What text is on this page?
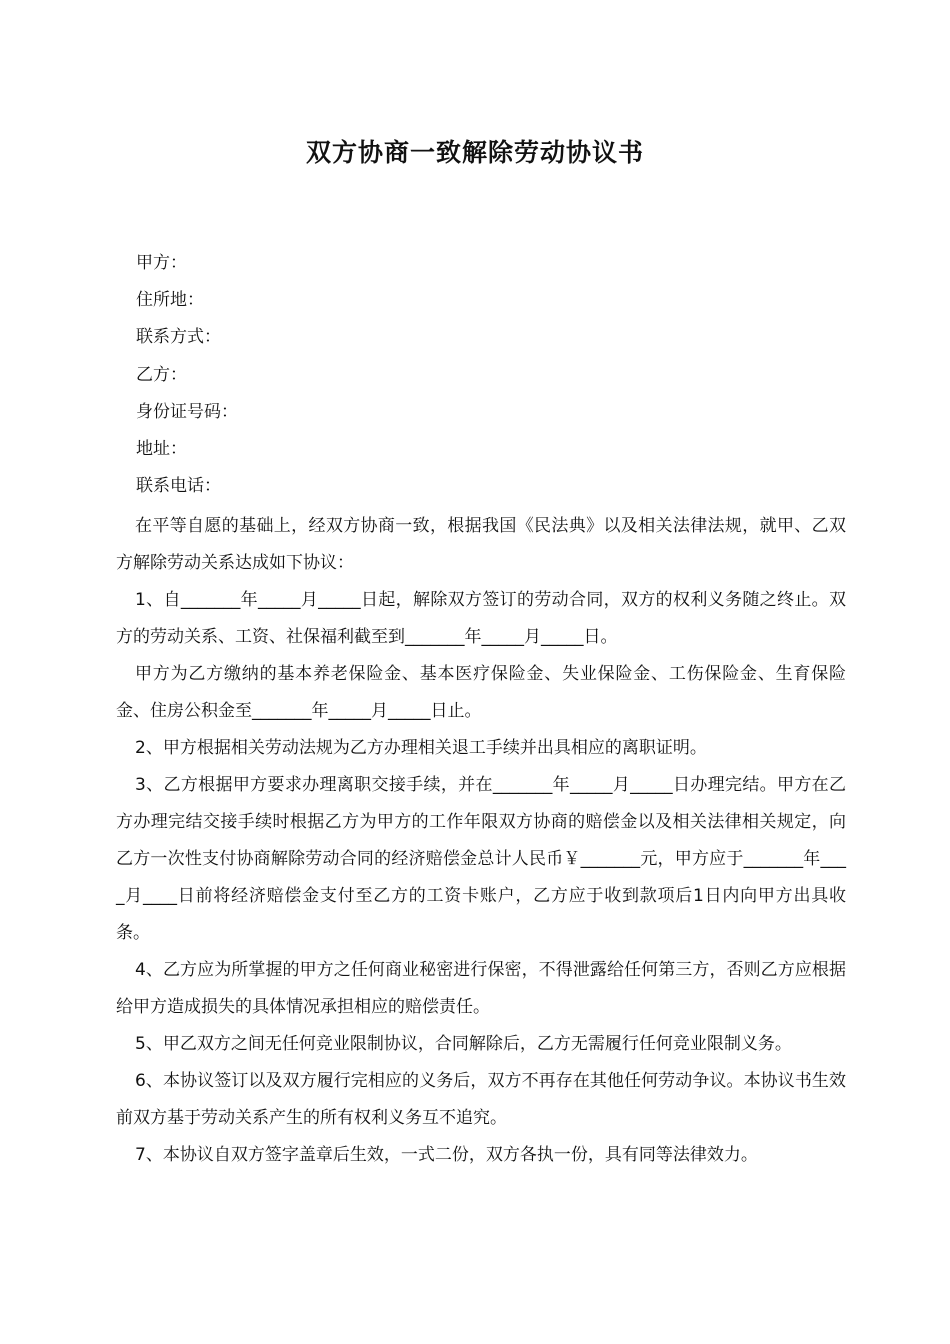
双方协商一致解除劳动协议书
甲方：
住所地：
联系方式：
乙方：
身份证号码：
地址：
联系电话：

在平等自愿的基础上，经双方协商一致，根据我国《民法典》以及相关法律法规，就甲、乙双方解除劳动关系达成如下协议：

1、自_______年_____月_____日起，解除双方签订的劳动合同，双方的权利义务随之终止。双方的劳动关系、工资、社保福利截至到_______年_____月_____日。

甲方为乙方缴纳的基本养老保险金、基本医疗保险金、失业保险金、工伤保险金、生育保险金、住房公积金至_______年_____月_____日止。

2、甲方根据相关劳动法规为乙方办理相关退工手续并出具相应的离职证明。

3、乙方根据甲方要求办理离职交接手续，并在_______年_____月_____日办理完结。甲方在乙方办理完结交接手续时根据乙方为甲方的工作年限双方协商的赔偿金以及相关法律相关规定，向乙方一次性支付协商解除劳动合同的经济赔偿金总计人民币￥_______元，甲方应于_______年____月____日前将经济赔偿金支付至乙方的工资卡账户，乙方应于收到款项后1日内向甲方出具收条。

4、乙方应为所掌握的甲方之任何商业秘密进行保密，不得泄露给任何第三方，否则乙方应根据给甲方造成损失的具体情况承担相应的赔偿责任。

5、甲乙双方之间无任何竞业限制协议，合同解除后，乙方无需履行任何竞业限制义务。

6、本协议签订以及双方履行完相应的义务后，双方不再存在其他任何劳动争议。本协议书生效前双方基于劳动关系产生的所有权利义务互不追究。

7、本协议自双方签字盖章后生效，一式二份，双方各执一份，具有同等法律效力。
